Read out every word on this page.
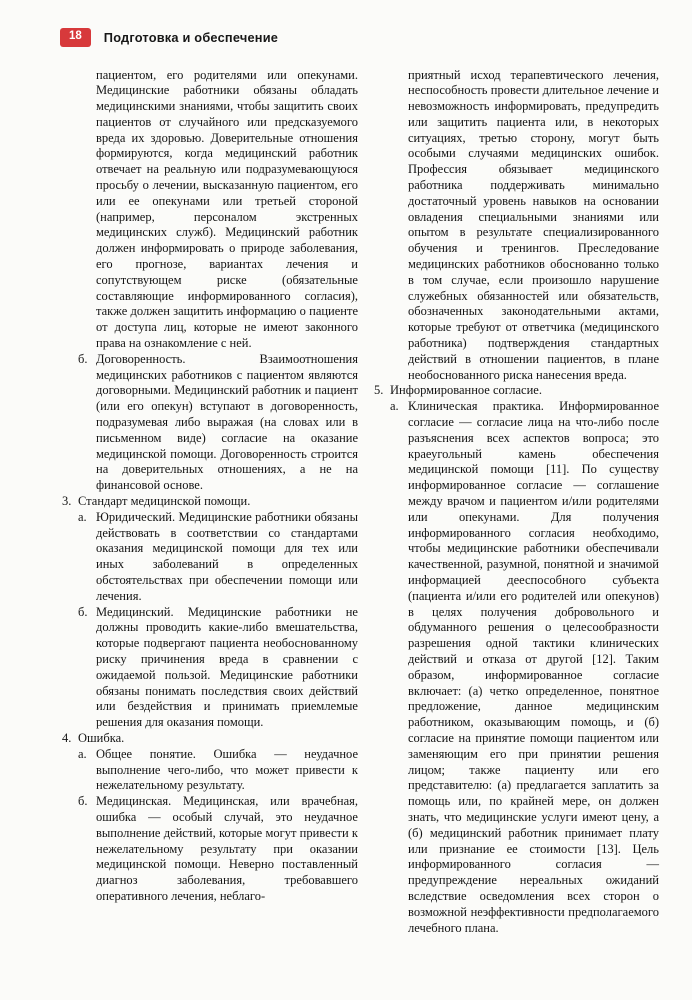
18	Подготовка и обеспечение

пациентом, его родителями или опекунами. Медицинские работники обязаны обладать медицинскими знаниями, чтобы защитить своих пациентов от случайного или предсказуемого вреда их здоровью. Доверительные отношения формируются, когда медицинский работник отвечает на реальную или подразумевающуюся просьбу о лечении, высказанную пациентом, его или ее опекунами или третьей стороной (например, персоналом экстренных медицинских служб). Медицинский работник должен информировать о природе заболевания, его прогнозе, вариантах лечения и сопутствующем риске (обязательные составляющие информированного согласия), также должен защитить информацию о пациенте от доступа лиц, которые не имеют законного права на ознакомление с ней.

б. Договоренность. Взаимоотношения медицинских работников с пациентом являются договорными. Медицинский работник и пациент (или его опекун) вступают в договоренность, подразумевая либо выражая (на словах или в письменном виде) согласие на оказание медицинской помощи. Договоренность строится на доверительных отношениях, а не на финансовой основе.

3. Стандарт медицинской помощи.

а. Юридический. Медицинские работники обязаны действовать в соответствии со стандартами оказания медицинской помощи для тех или иных заболеваний в определенных обстоятельствах при обеспечении помощи или лечения.

б. Медицинский. Медицинские работники не должны проводить какие-либо вмешательства, которые подвергают пациента необоснованному риску причинения вреда в сравнении с ожидаемой пользой. Медицинские работники обязаны понимать последствия своих действий или бездействия и принимать приемлемые решения для оказания помощи.

4. Ошибка.

а. Общее понятие. Ошибка — неудачное выполнение чего-либо, что может привести к нежелательному результату.

б. Медицинская. Медицинская, или врачебная, ошибка — особый случай, это неудачное выполнение действий, которые могут привести к нежелательному результату при оказании медицинской помощи. Неверно поставленный диагноз заболевания, требовавшего оперативного лечения, неблаго-

приятный исход терапевтического лечения, неспособность провести длительное лечение и невозможность информировать, предупредить или защитить пациента или, в некоторых ситуациях, третью сторону, могут быть особыми случаями медицинских ошибок. Профессия обязывает медицинского работника поддерживать минимально достаточный уровень навыков на основании овладения специальными знаниями или опытом в результате специализированного обучения и тренингов. Преследование медицинских работников обоснованно только в том случае, если произошло нарушение служебных обязанностей или обязательств, обозначенных законодательными актами, которые требуют от ответчика (медицинского работника) подтверждения стандартных действий в отношении пациентов, в плане необоснованного риска нанесения вреда.

5. Информированное согласие.

а. Клиническая практика. Информированное согласие — согласие лица на что-либо после разъяснения всех аспектов вопроса; это краеугольный камень обеспечения медицинской помощи [11]. По существу информированное согласие — соглашение между врачом и пациентом и/или родителями или опекунами. Для получения информированного согласия необходимо, чтобы медицинские работники обеспечивали качественной, разумной, понятной и значимой информацией дееспособного субъекта (пациента и/или его родителей или опекунов) в целях получения добровольного и обдуманного решения о целесообразности разрешения одной тактики клинических действий и отказа от другой [12]. Таким образом, информированное согласие включает: (а) четко определенное, понятное предложение, данное медицинским работником, оказывающим помощь, и (б) согласие на принятие помощи пациентом или заменяющим его при принятии решения лицом; также пациенту или его представителю: (а) предлагается заплатить за помощь или, по крайней мере, он должен знать, что медицинские услуги имеют цену, а (б) медицинский работник принимает плату или признание ее стоимости [13]. Цель информированного согласия — предупреждение нереальных ожиданий вследствие осведомления всех сторон о возможной неэффективности предполагаемого лечебного плана.
